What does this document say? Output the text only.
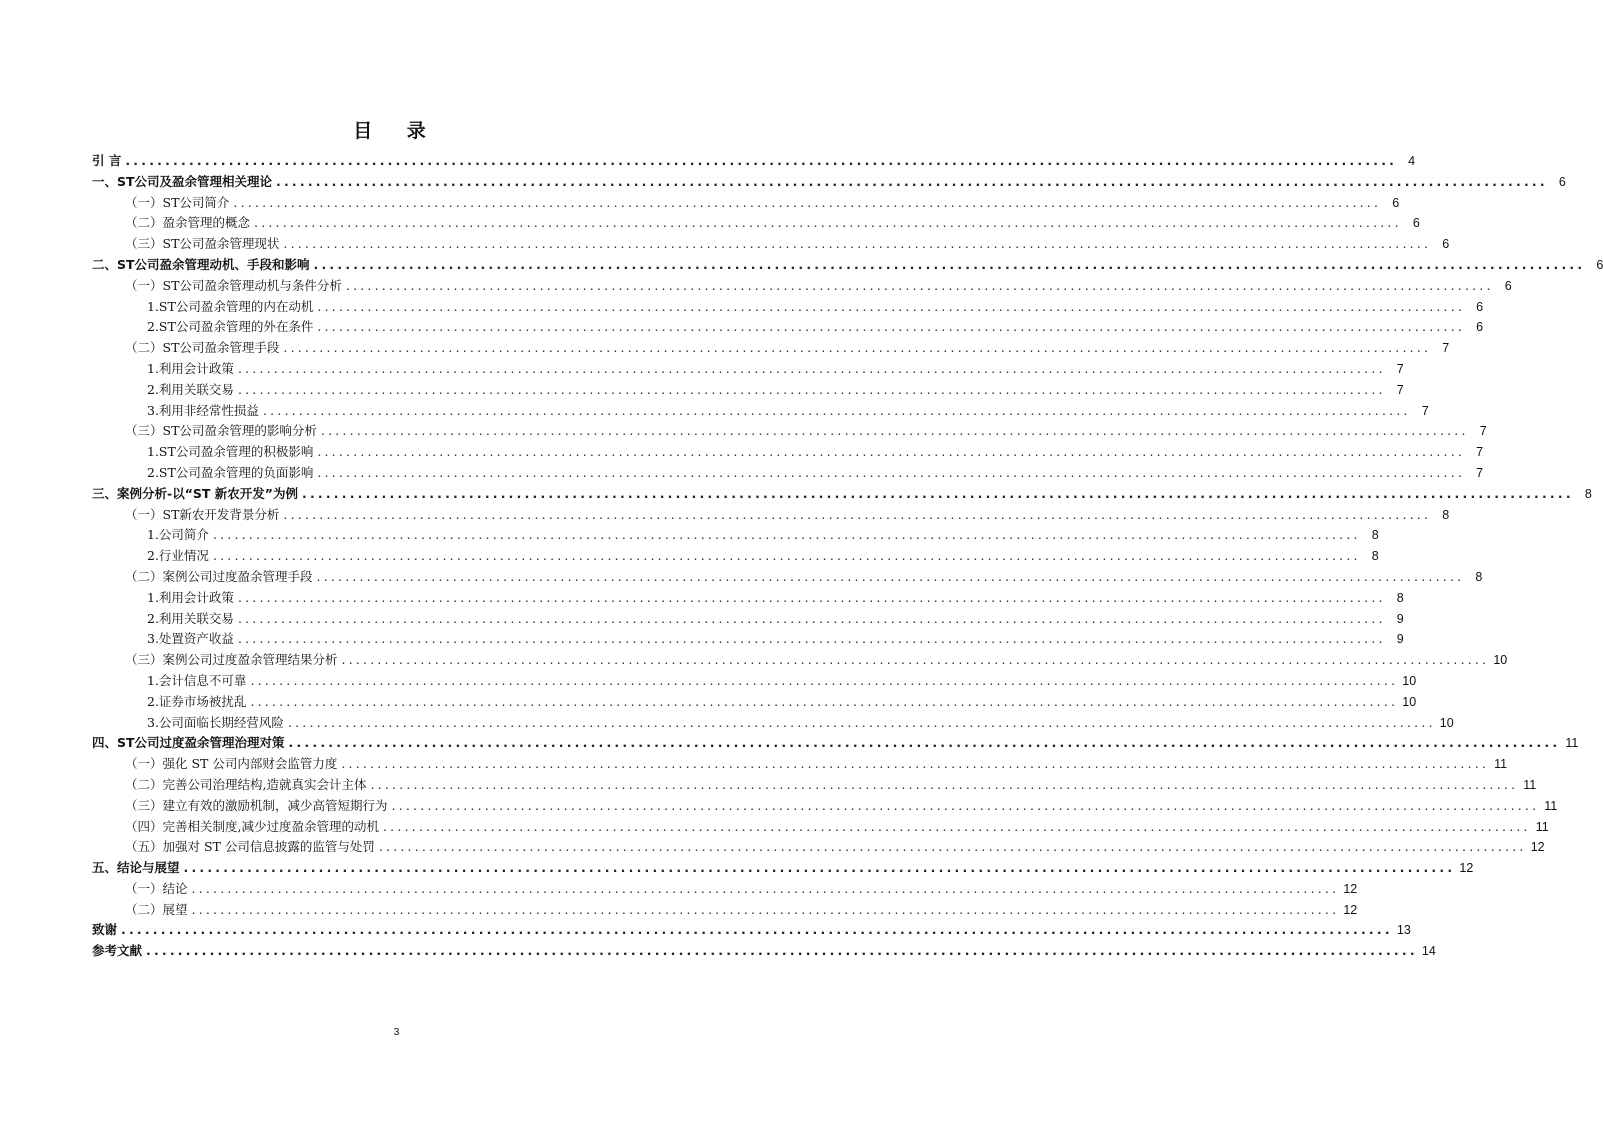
目 录
引 言 ................................................................................................................................................................ 4
一、ST公司及盈余管理相关理论 ................................................................................................................................................................ 6
（一）ST公司简介 ................................................................................................................................................................ 6
（二）盈余管理的概念 ................................................................................................................................................................ 6
（三）ST公司盈余管理现状 ................................................................................................................................................................ 6
二、ST公司盈余管理动机、手段和影响 ................................................................................................................................................................ 6
（一）ST公司盈余管理动机与条件分析 ................................................................................................................................................................ 6
1.ST公司盈余管理的内在动机 ................................................................................................................................................................ 6
2.ST公司盈余管理的外在条件 ................................................................................................................................................................ 6
（二）ST公司盈余管理手段 ................................................................................................................................................................ 7
1.利用会计政策 ................................................................................................................................................................ 7
2.利用关联交易 ................................................................................................................................................................ 7
3.利用非经常性损益 ................................................................................................................................................................ 7
（三）ST公司盈余管理的影响分析 ................................................................................................................................................................ 7
1.ST公司盈余管理的积极影响 ................................................................................................................................................................ 7
2.ST公司盈余管理的负面影响 ................................................................................................................................................................ 7
三、案例分析-以“ST 新农开发”为例 ................................................................................................................................................................ 8
（一）ST新农开发背景分析 ................................................................................................................................................................ 8
1.公司简介 ................................................................................................................................................................ 8
2.行业情况 ................................................................................................................................................................ 8
（二）案例公司过度盈余管理手段 ................................................................................................................................................................ 8
1.利用会计政策 ................................................................................................................................................................ 8
2.利用关联交易 ................................................................................................................................................................ 9
3.处置资产收益 ................................................................................................................................................................ 9
（三）案例公司过度盈余管理结果分析 ................................................................................................................................................................ 10
1.会计信息不可靠 ................................................................................................................................................................ 10
2.证券市场被扰乱 ................................................................................................................................................................ 10
3.公司面临长期经营风险 ................................................................................................................................................................ 10
四、ST公司过度盈余管理治理对策 ................................................................................................................................................................ 11
（一）强化 ST 公司内部财会监管力度 ................................................................................................................................................................ 11
（二）完善公司治理结构,造就真实会计主体 ................................................................................................................................................................ 11
（三）建立有效的激励机制，减少高管短期行为 ................................................................................................................................................................ 11
（四）完善相关制度,减少过度盈余管理的动机 ................................................................................................................................................................ 11
（五）加强对 ST 公司信息披露的监管与处罚 ................................................................................................................................................................ 12
五、结论与展望 ................................................................................................................................................................ 12
（一）结论 ................................................................................................................................................................ 12
（二）展望 ................................................................................................................................................................ 12
致谢 ................................................................................................................................................................ 13
参考文献 ................................................................................................................................................................ 14
3
